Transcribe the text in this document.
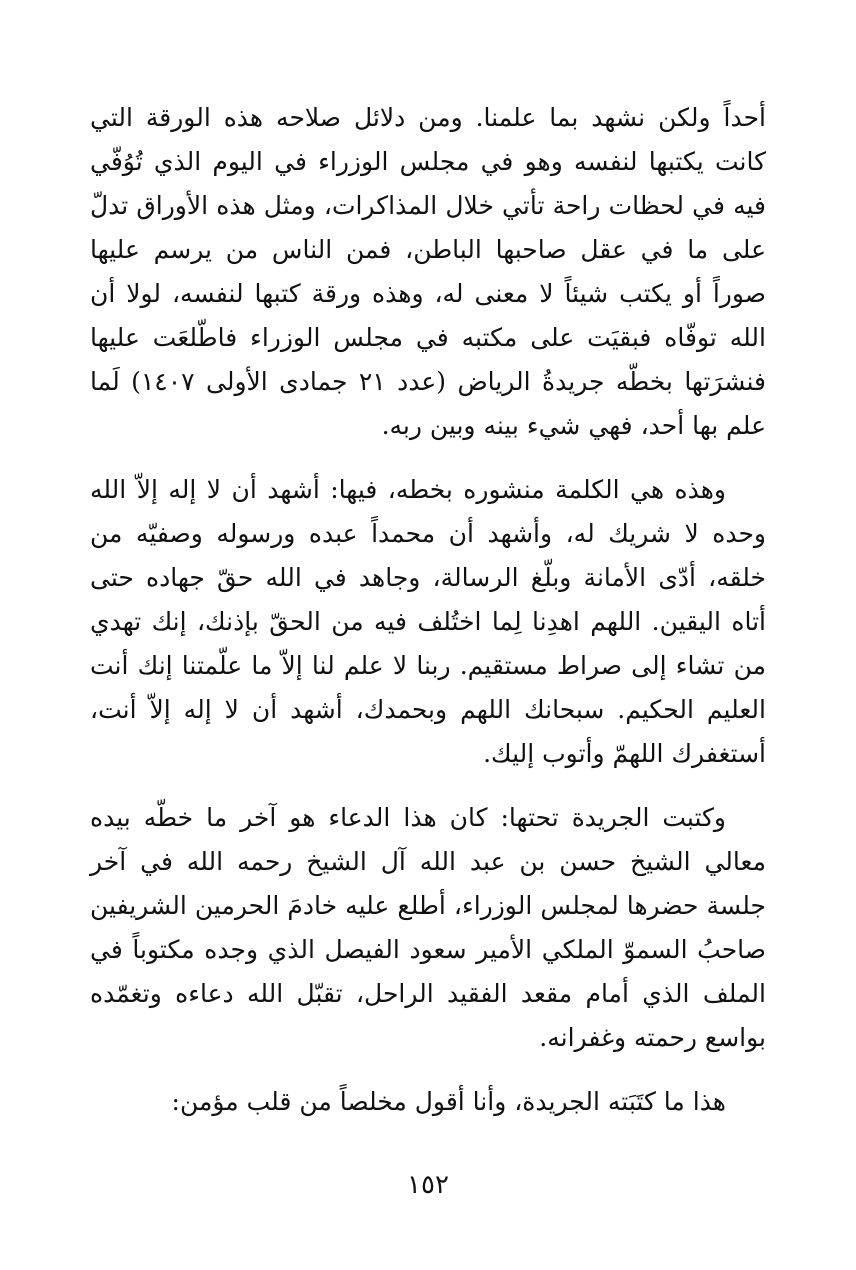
أحداً ولكن نشهد بما علمنا. ومن دلائل صلاحه هذه الورقة التي كانت يكتبها لنفسه وهو في مجلس الوزراء في اليوم الذي تُوُفّي فيه في لحظات راحة تأتي خلال المذاكرات، ومثل هذه الأوراق تدلّ على ما في عقل صاحبها الباطن، فمن الناس من يرسم عليها صوراً أو يكتب شيئاً لا معنى له، وهذه ورقة كتبها لنفسه، لولا أن الله توفّاه فبقيَت على مكتبه في مجلس الوزراء فاطّلعَت عليها فنشرَتها بخطّه جريدةُ الرياض (عدد ٢١ جمادى الأولى ١٤٠٧) لَما علم بها أحد، فهي شيء بينه وبين ربه.

وهذه هي الكلمة منشوره بخطه، فيها: أشهد أن لا إله إلاّ الله وحده لا شريك له، وأشهد أن محمداً عبده ورسوله وصفيّه من خلقه، أدّى الأمانة وبلّغ الرسالة، وجاهد في الله حقّ جهاده حتى أتاه اليقين. اللهم اهدِنا لِما اختُلف فيه من الحقّ بإذنك، إنك تهدي من تشاء إلى صراط مستقيم. ربنا لا علم لنا إلاّ ما علّمتنا إنك أنت العليم الحكيم. سبحانك اللهم وبحمدك، أشهد أن لا إله إلاّ أنت، أستغفرك اللهمّ وأتوب إليك.

وكتبت الجريدة تحتها: كان هذا الدعاء هو آخر ما خطّه بيده معالي الشيخ حسن بن عبد الله آل الشيخ رحمه الله في آخر جلسة حضرها لمجلس الوزراء، أطلع عليه خادمَ الحرمين الشريفين صاحبُ السموّ الملكي الأمير سعود الفيصل الذي وجده مكتوباً في الملف الذي أمام مقعد الفقيد الراحل، تقبّل الله دعاءه وتغمّده بواسع رحمته وغفرانه.

هذا ما كتَبَته الجريدة، وأنا أقول مخلصاً من قلب مؤمن:

١٥٢
